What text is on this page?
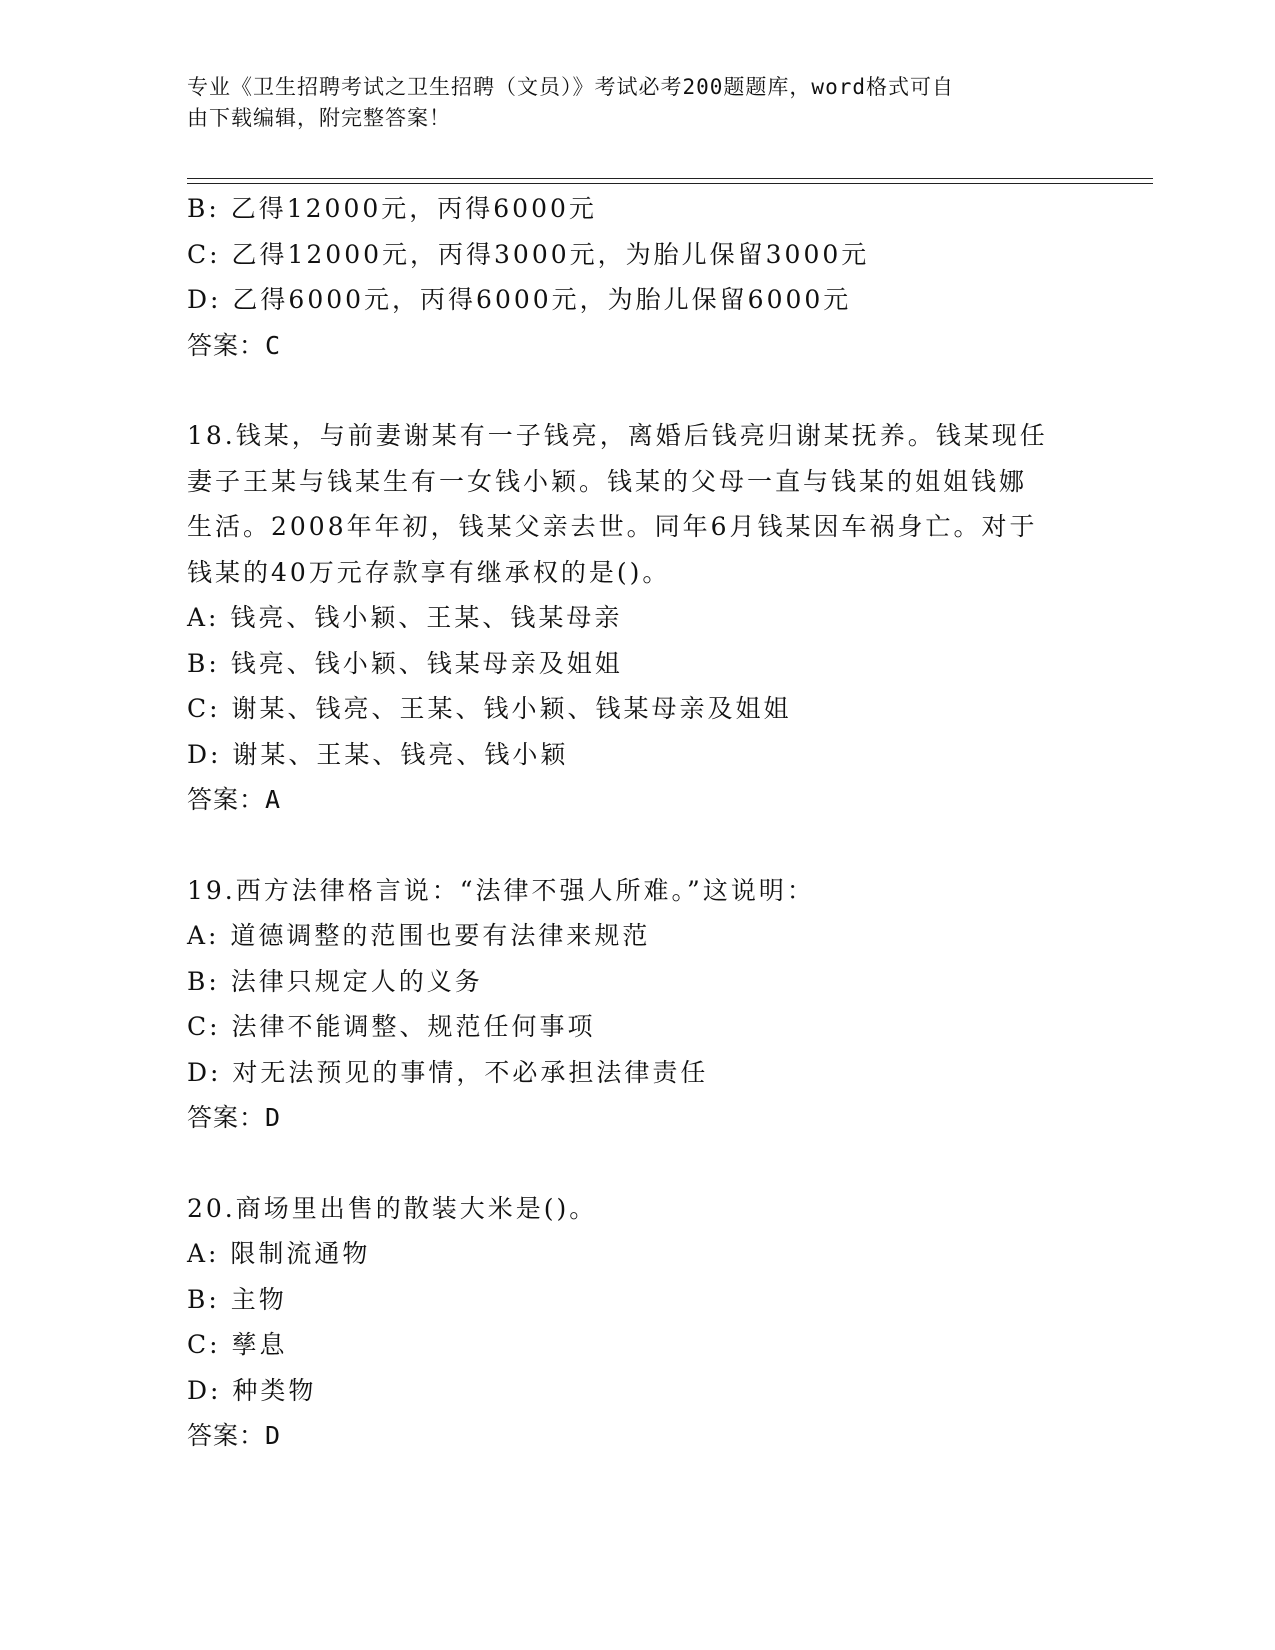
专业《卫生招聘考试之卫生招聘（文员）》考试必考200题题库，word格式可自
由下载编辑，附完整答案！
B: 乙得12000元，丙得6000元
C: 乙得12000元，丙得3000元，为胎儿保留3000元
D: 乙得6000元，丙得6000元，为胎儿保留6000元
答案：C
18.钱某，与前妻谢某有一子钱亮，离婚后钱亮归谢某抚养。钱某现任
妻子王某与钱某生有一女钱小颖。钱某的父母一直与钱某的姐姐钱娜
生活。2008年年初，钱某父亲去世。同年6月钱某因车祸身亡。对于
钱某的40万元存款享有继承权的是()。
A: 钱亮、钱小颖、王某、钱某母亲
B: 钱亮、钱小颖、钱某母亲及姐姐
C: 谢某、钱亮、王某、钱小颖、钱某母亲及姐姐
D: 谢某、王某、钱亮、钱小颖
答案：A
19.西方法律格言说：“法律不强人所难。”这说明：
A: 道德调整的范围也要有法律来规范
B: 法律只规定人的义务
C: 法律不能调整、规范任何事项
D: 对无法预见的事情，不必承担法律责任
答案：D
20.商场里出售的散装大米是()。
A: 限制流通物
B: 主物
C: 孳息
D: 种类物
答案：D
